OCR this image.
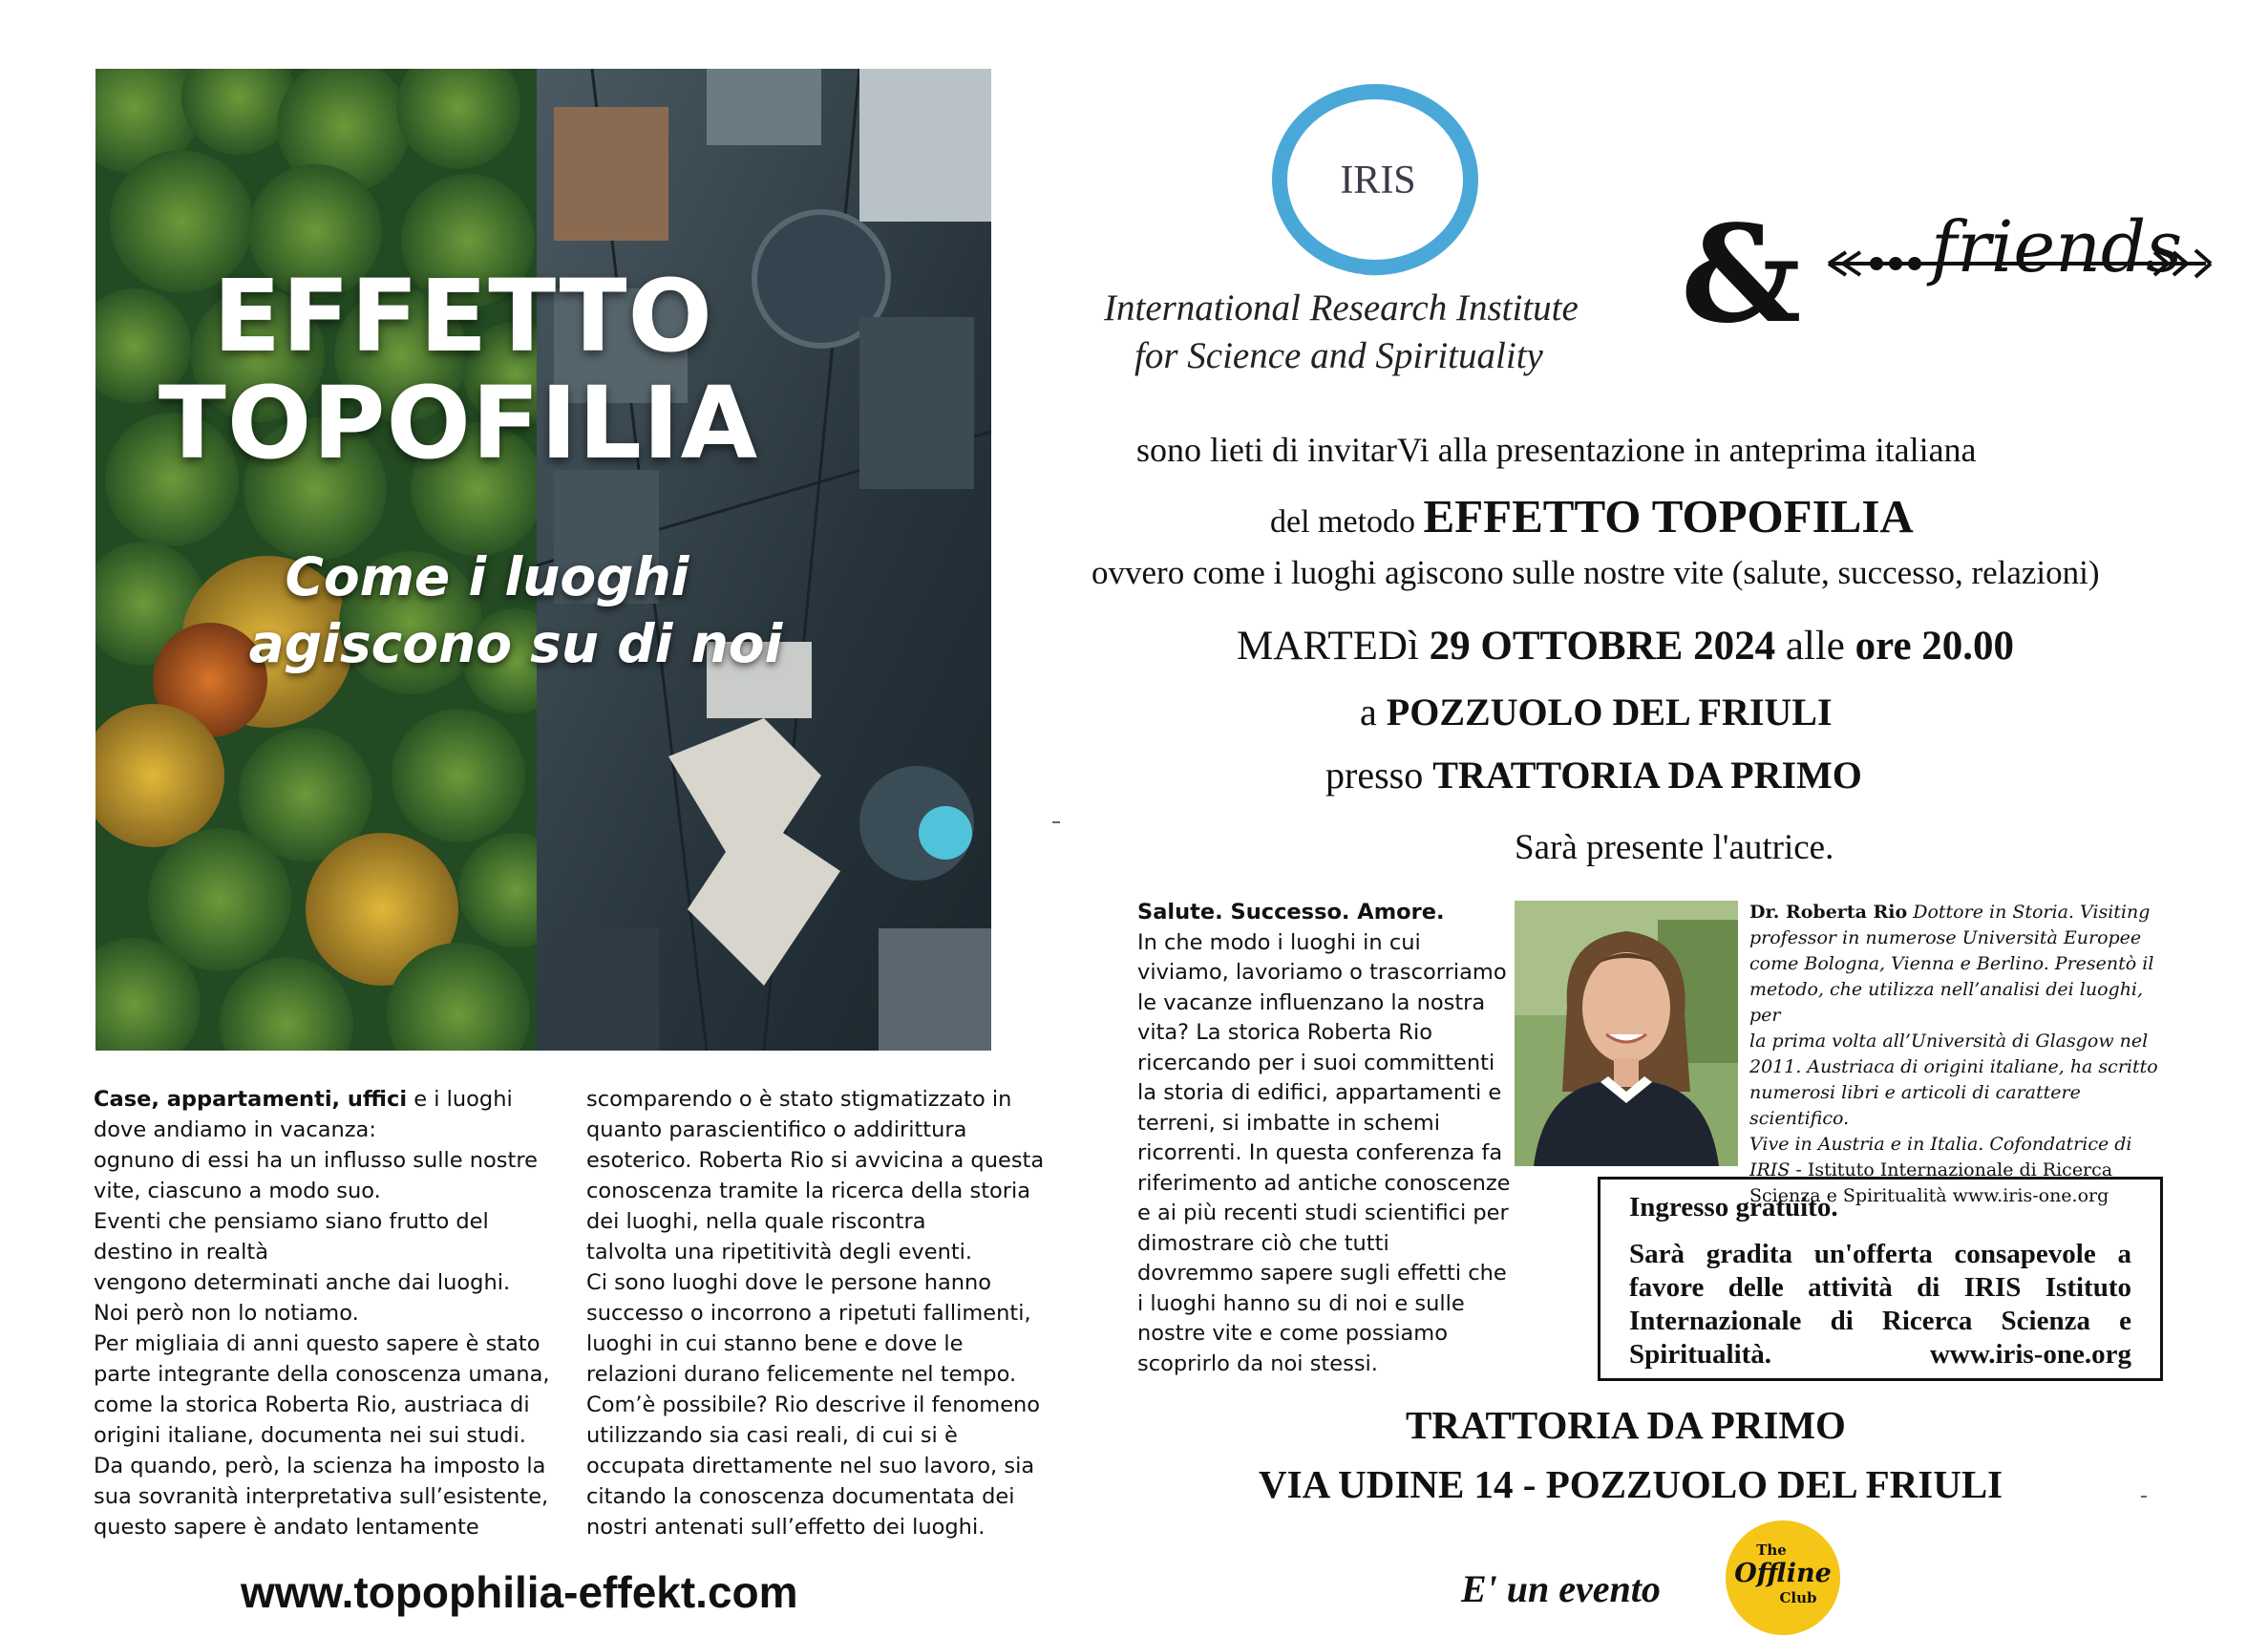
EFFETTO
TOPOFILIA
Come i luoghi
agiscono su di noi

Case, appartamenti, uffici e i luoghi

dove andiamo in vacanza:

ognuno di essi ha un influsso sulle nostre

vite, ciascuno a modo suo.

Eventi che pensiamo siano frutto del

destino in realtà

vengono determinati anche dai luoghi.

Noi però non lo notiamo.

Per migliaia di anni questo sapere è stato

parte integrante della conoscenza umana,

come la storica Roberta Rio, austriaca di

origini italiane, documenta nei sui studi.

Da quando, però, la scienza ha imposto la

sua sovranità interpretativa sull’esistente,

questo sapere è andato lentamente

scomparendo o è stato stigmatizzato in

quanto parascientifico o addirittura

esoterico. Roberta Rio si avvicina a questa

conoscenza tramite la ricerca della storia

dei luoghi, nella quale riscontra

talvolta una ripetitività degli eventi.

Ci sono luoghi dove le persone hanno

successo o incorrono a ripetuti fallimenti,

luoghi in cui stanno bene e dove le

relazioni durano felicemente nel tempo.

Com’è possibile? Rio descrive il fenomeno

utilizzando sia casi reali, di cui si è

occupata direttamente nel suo lavoro, sia

citando la conoscenza documentata dei

nostri antenati sull’effetto dei luoghi.

www.topophilia-effekt.com
IRIS
International Research Institute
for Science and Spirituality
& friends
sono lieti di invitarVi alla presentazione in anteprima italiana
del metodo EFFETTO TOPOFILIA
ovvero come i luoghi agiscono sulle nostre vite (salute, successo, relazioni)
MARTEDì 29 OTTOBRE 2024 alle ore 20.00
a POZZUOLO DEL FRIULI
presso TRATTORIA DA PRIMO
Sarà presente l'autrice.

Salute. Successo. Amore.

In che modo i luoghi in cui

viviamo, lavoriamo o trascorriamo

le vacanze influenzano la nostra

vita? La storica Roberta Rio

ricercando per i suoi committenti

la storia di edifici, appartamenti e

terreni, si imbatte in schemi

ricorrenti. In questa conferenza fa

riferimento ad antiche conoscenze

e ai più recenti studi scientifici per

dimostrare ciò che tutti

dovremmo sapere sugli effetti che

i luoghi hanno su di noi e sulle

nostre vite e come possiamo

scoprirlo da noi stessi.

Dr. Roberta Rio Dottore in Storia. Visiting
professor in numerose Università Europee
come Bologna, Vienna e Berlino. Presentò il
metodo, che utilizza nell’analisi dei luoghi, per
la prima volta all’Università di Glasgow nel
2011. Austriaca di origini italiane, ha scritto
numerosi libri e articoli di carattere scientifico.
Vive in Austria e in Italia. Cofondatrice di
IRIS - Istituto Internazionale di Ricerca
Scienza e Spiritualità www.iris-one.org

Ingresso gratuito.

Sarà gradita un'offerta consapevole a

favore delle attività di IRIS Istituto

Internazionale di Ricerca Scienza e

Spiritualità.	www.iris-one.org

TRATTORIA DA PRIMO
VIA UDINE 14 - POZZUOLO DEL FRIULI
E' un evento
The
Offline
Club
